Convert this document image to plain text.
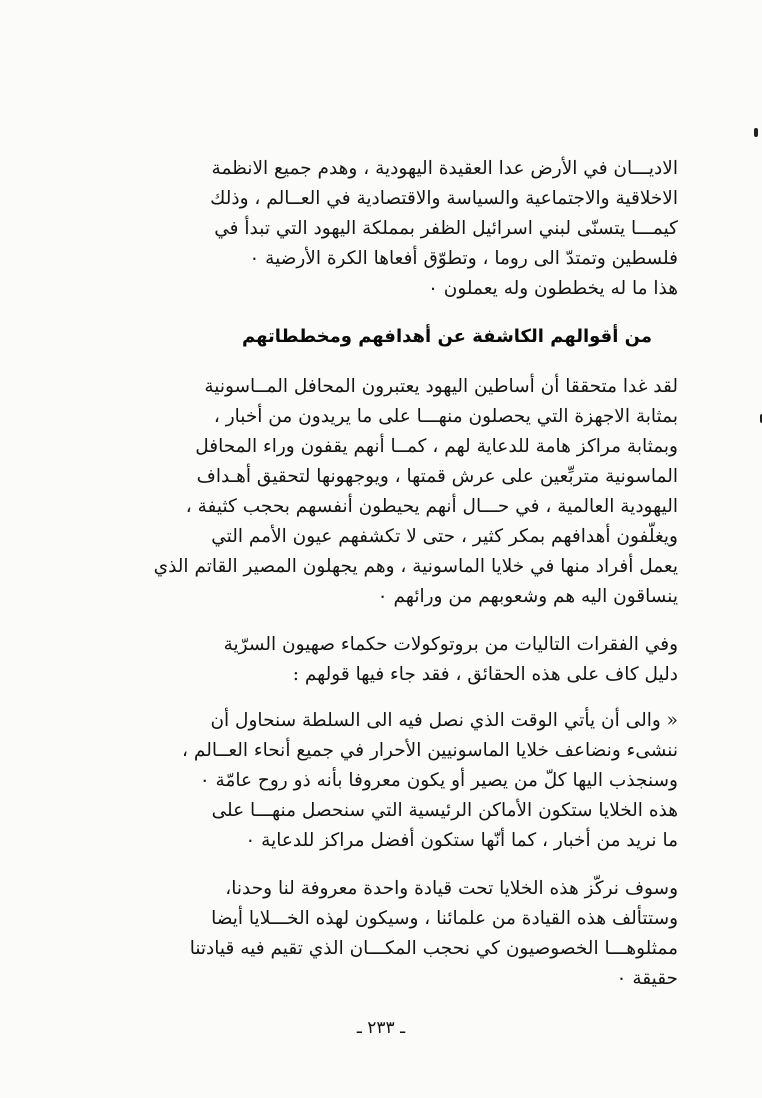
الاديـــان في الأرض عدا العقيدة اليهودية ، وهدم جميع الانظمة
الاخلاقية والاجتماعية والسياسة والاقتصادية في العــالم ، وذلك
كيمـــا يتسنّى لبني اسرائيل الظفر بمملكة اليهود التي تبدأ في
فلسطين وتمتدّ الى روما ، وتطوّق أفعاها الكرة الأرضية ٠
هذا ما له يخططون وله يعملون ٠
من أقوالهم الكاشفة عن أهدافهم ومخططاتهم
لقد غدا متحققا أن أساطين اليهود يعتبرون المحافل المــاسونية
بمثابة الاجهزة التي يحصلون منهـــا على ما يريدون من أخبار ،
وبمثابة مراكز هامة للدعاية لهم ، كمــا أنهم يقفون وراء المحافل
الماسونية متربِّعين على عرش قمتها ، ويوجهونها لتحقيق أهـداف
اليهودية العالمية ، في حـــال أنهم يحيطون أنفسهم بحجب كثيفة ،
ويغلّفون أهدافهم بمكر كثير ، حتى لا تكشفهم عيون الأمم التي
يعمل أفراد منها في خلايا الماسونية ، وهم يجهلون المصير القاتم الذي
ينساقون اليه هم وشعوبهم من ورائهم ٠
وفي الفقرات التاليات من بروتوكولات حكماء صهيون السرّية
دليل كاف على هذه الحقائق ، فقد جاء فيها قولهم :
« والى أن يأتي الوقت الذي نصل فيه الى السلطة سنحاول أن
ننشىء ونضاعف خلايا الماسونيين الأحرار في جميع أنحاء العــالم ،
وسنجذب اليها كلّ من يصير أو يكون معروفا بأنه ذو روح عامّة ٠
هذه الخلايا ستكون الأماكن الرئيسية التي سنحصل منهـــا على
ما نريد من أخبار ، كما أنّها ستكون أفضل مراكز للدعاية ٠
وسوف نركّز هذه الخلايا تحت قيادة واحدة معروفة لنا وحدنا،
وستتألف هذه القيادة من علمائنا ، وسيكون لهذه الخـــلايا أيضا
ممثلوهـــا الخصوصيون كي نحجب المكـــان الذي تقيم فيه قيادتنا
حقيقة ٠
ـ ٢٣٣ ـ
